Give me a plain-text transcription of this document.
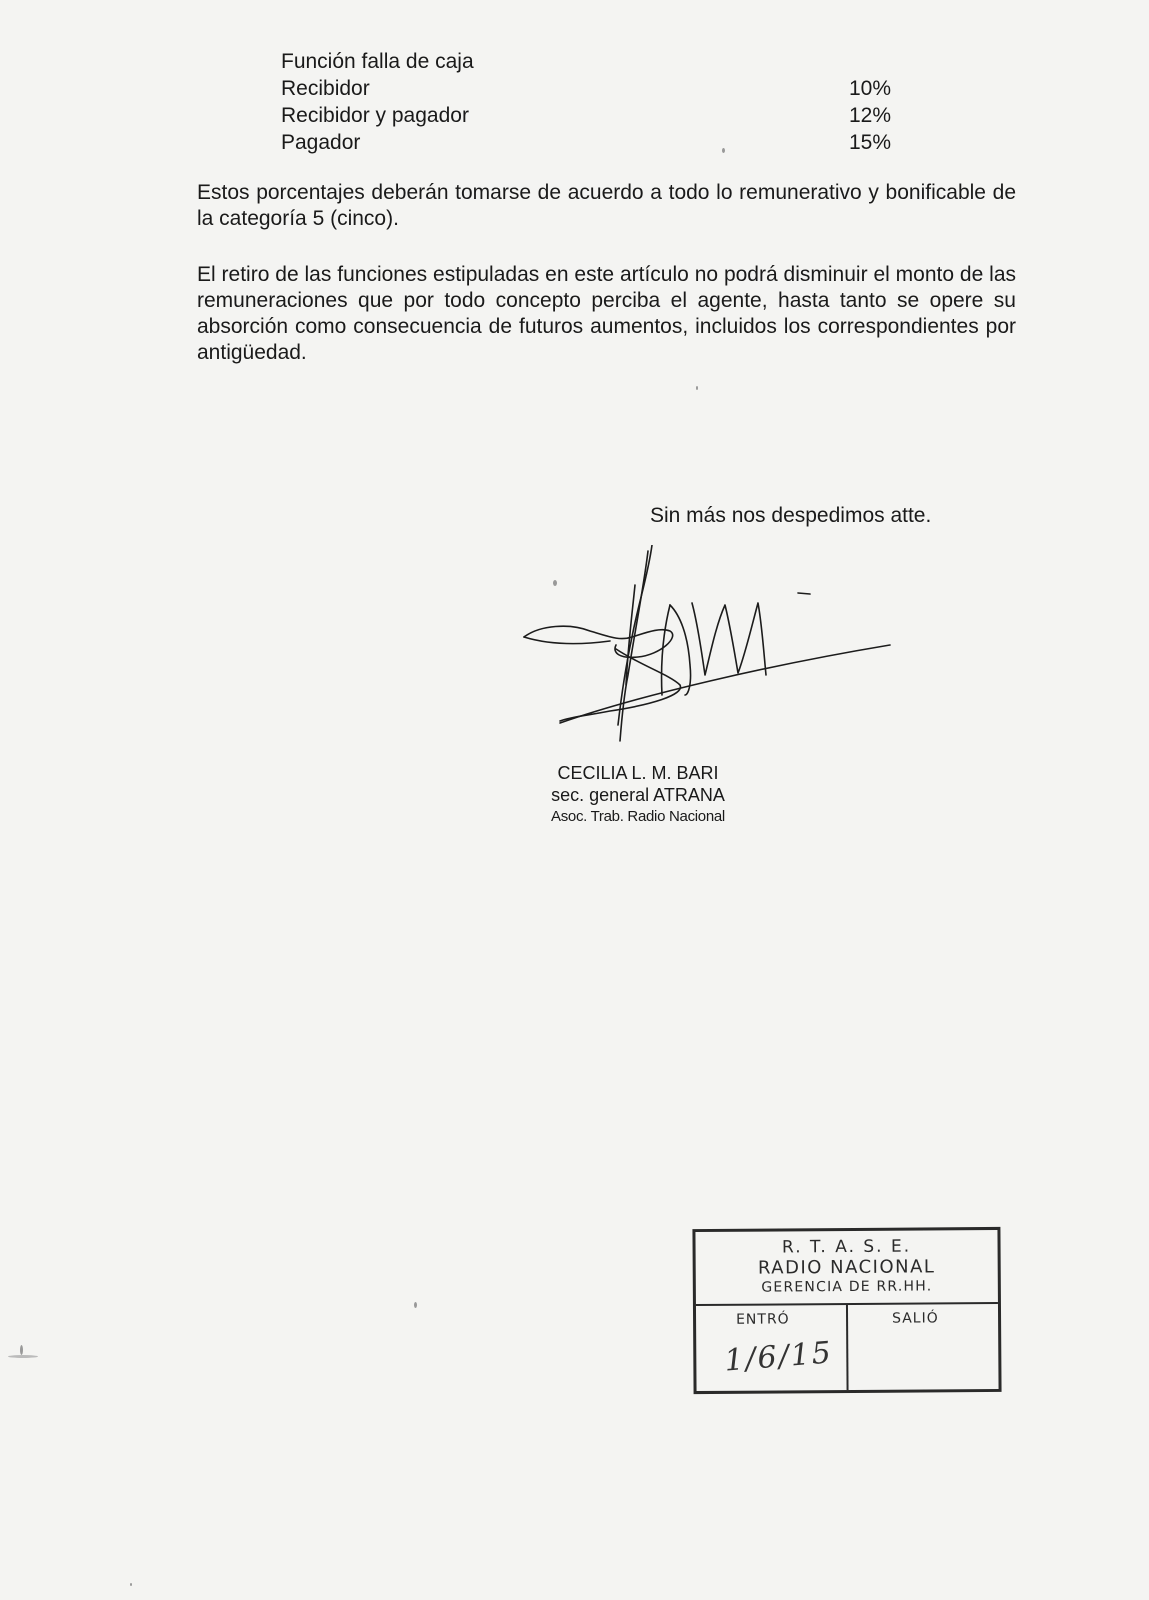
Función falla de caja
Recibidor	10%
Recibidor y pagador	12%
Pagador	15%

Estos porcentajes deberán tomarse de acuerdo a todo lo remunerativo y bonificable de la categoría 5 (cinco).

El retiro de las funciones estipuladas en este artículo no podrá disminuir el monto de las remuneraciones que por todo concepto perciba el agente, hasta tanto se opere su absorción como consecuencia de futuros aumentos, incluidos los correspondientes por antigüedad.

Sin más nos despedimos atte.
CECILIA L. M. BARI
sec. general ATRANA
Asoc. Trab. Radio Nacional
R. T. A. S. E.
RADIO NACIONAL
GERENCIA DE RR.HH.
ENTRÓ
1/6/15
SALIÓ
